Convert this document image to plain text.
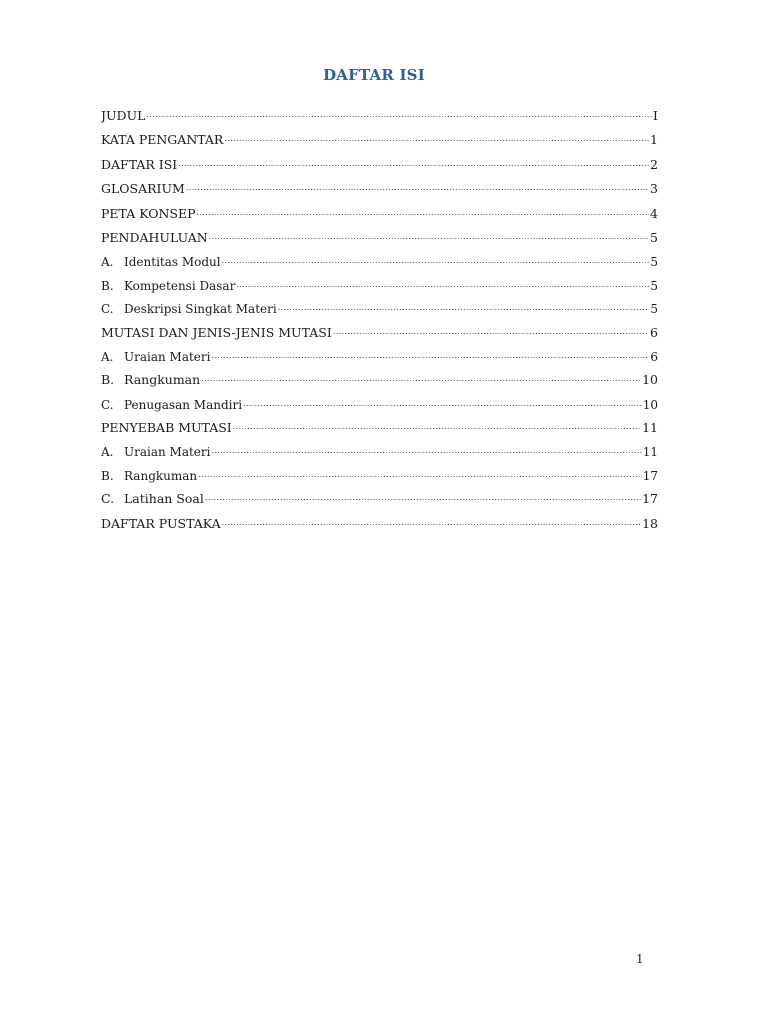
DAFTAR ISI
JUDUL .....	I
KATA PENGANTAR .....	1
DAFTAR ISI .....	2
GLOSARIUM .....	3
PETA KONSEP .....	4
PENDAHULUAN .....	5
A. Identitas Modul .....	5
B. Kompetensi Dasar .....	5
C. Deskripsi Singkat Materi .....	5
MUTASI DAN JENIS-JENIS MUTASI .....	6
A. Uraian Materi .....	6
B. Rangkuman .....	10
C. Penugasan Mandiri .....	10
PENYEBAB MUTASI .....	11
A. Uraian Materi .....	11
B. Rangkuman .....	17
C. Latihan Soal .....	17
DAFTAR PUSTAKA .....	18
1
